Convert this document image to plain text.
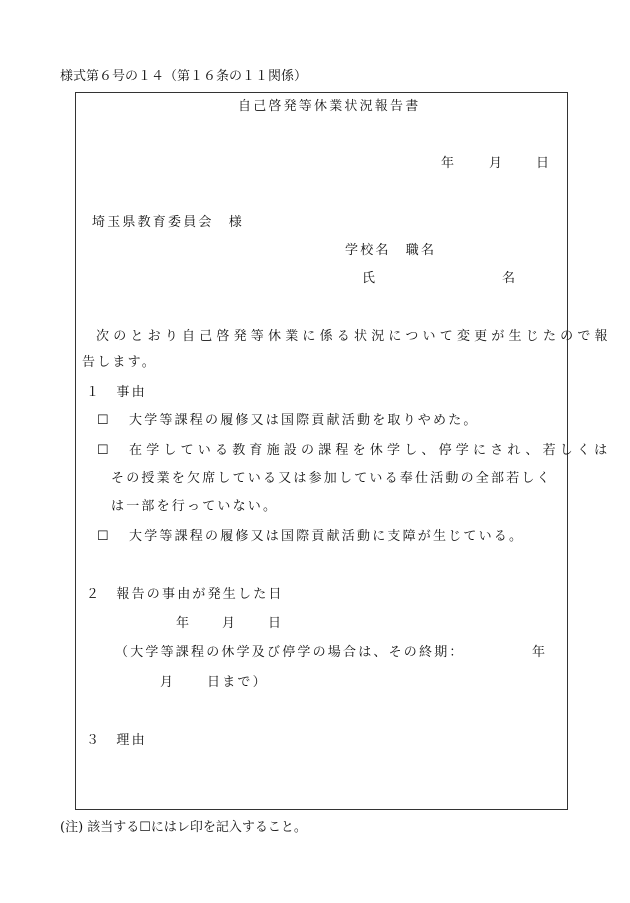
様式第６号の１４（第１６条の１１関係）
自己啓発等休業状況報告書
年	月	日
埼玉県教育委員会　様
学校名　職名
氏	名
次のとおり自己啓発等休業に係る状況について変更が生じたので報
告します。
１　事由
☐ 大学等課程の履修又は国際貢献活動を取りやめた。
☐ 在学している教育施設の課程を休学し、停学にされ、若しくは
その授業を欠席している又は参加している奉仕活動の全部若しく
は一部を行っていない。
☐ 大学等課程の履修又は国際貢献活動に支障が生じている。
２　報告の事由が発生した日
年	月	日
（大学等課程の休学及び停学の場合は、その終期：	年
月	日まで）
３　理由
(注) 該当する☐にはレ印を記入すること。
